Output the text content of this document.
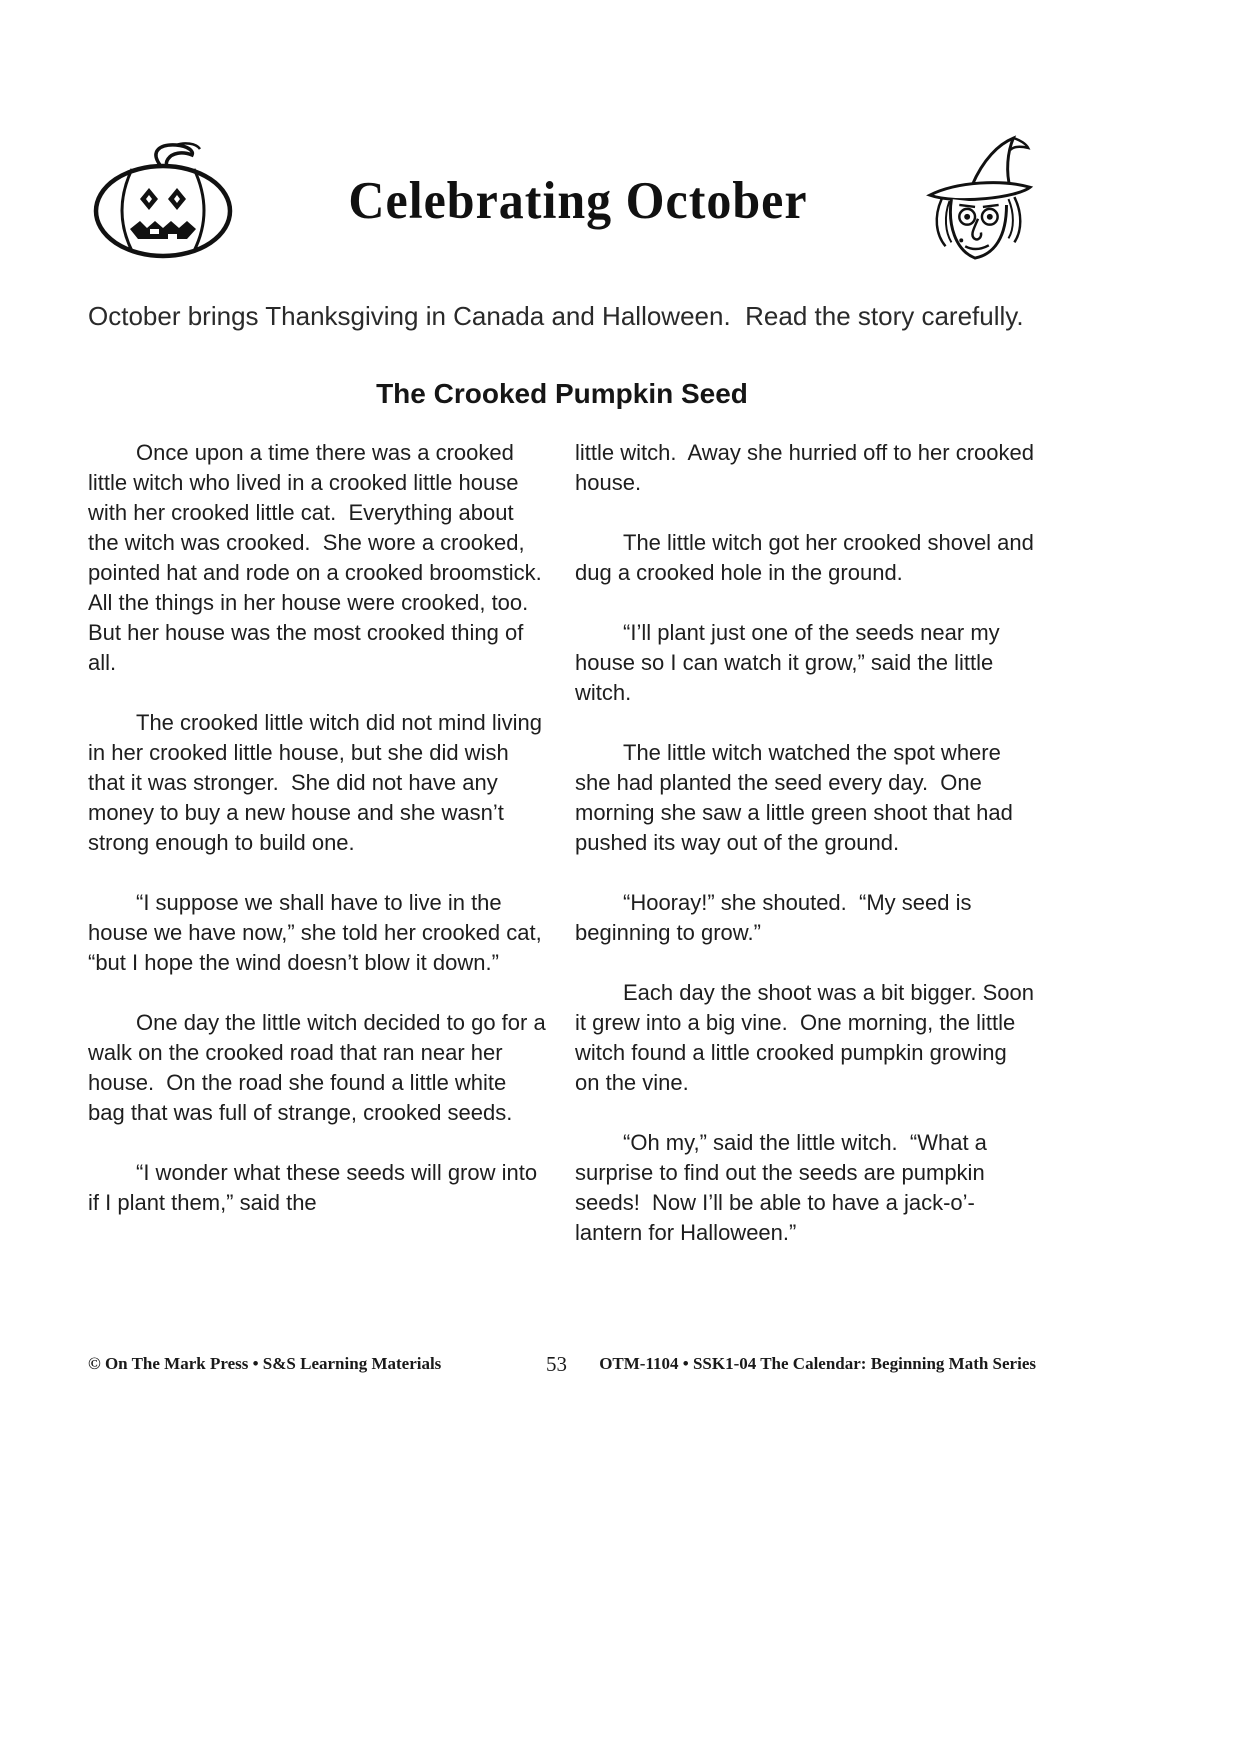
Celebrating October

October brings Thanksgiving in Canada and Halloween.  Read the story carefully.

The Crooked Pumpkin Seed

Once upon a time there was a crooked little witch who lived in a crooked little house with her crooked little cat.  Everything about the witch was crooked.  She wore a crooked, pointed hat and rode on a crooked broomstick. All the things in her house were crooked, too.  But her house was the most crooked thing of all.

The crooked little witch did not mind living in her crooked little house, but she did wish that it was stronger.  She did not have any money to buy a new house and she wasn’t strong enough to build one.

“I suppose we shall have to live in the house we have now,” she told her crooked cat, “but I hope the wind doesn’t blow it down.”

One day the little witch decided to go for a walk on the crooked road that ran near her house.  On the road she found a little white bag that was full of strange, crooked seeds.

“I wonder what these seeds will grow into if I plant them,” said the

little witch.  Away she hurried off to her crooked house.

The little witch got her crooked shovel and dug a crooked hole in the ground.

“I’ll plant just one of the seeds near my house so I can watch it grow,” said the little witch.

The little witch watched the spot where she had planted the seed every day.  One morning she saw a little green shoot that had pushed its way out of the ground.

“Hooray!” she shouted.  “My seed is beginning to grow.”

Each day the shoot was a bit bigger. Soon it grew into a big vine.  One morning, the little witch found a little crooked pumpkin growing on the vine.

“Oh my,” said the little witch.  “What a surprise to find out the seeds are pumpkin seeds!  Now I’ll be able to have a jack-o’-lantern for Halloween.”

© On The Mark Press • S&S Learning Materials	53 OTM-1104 • SSK1-04 The Calendar: Beginning Math Series
